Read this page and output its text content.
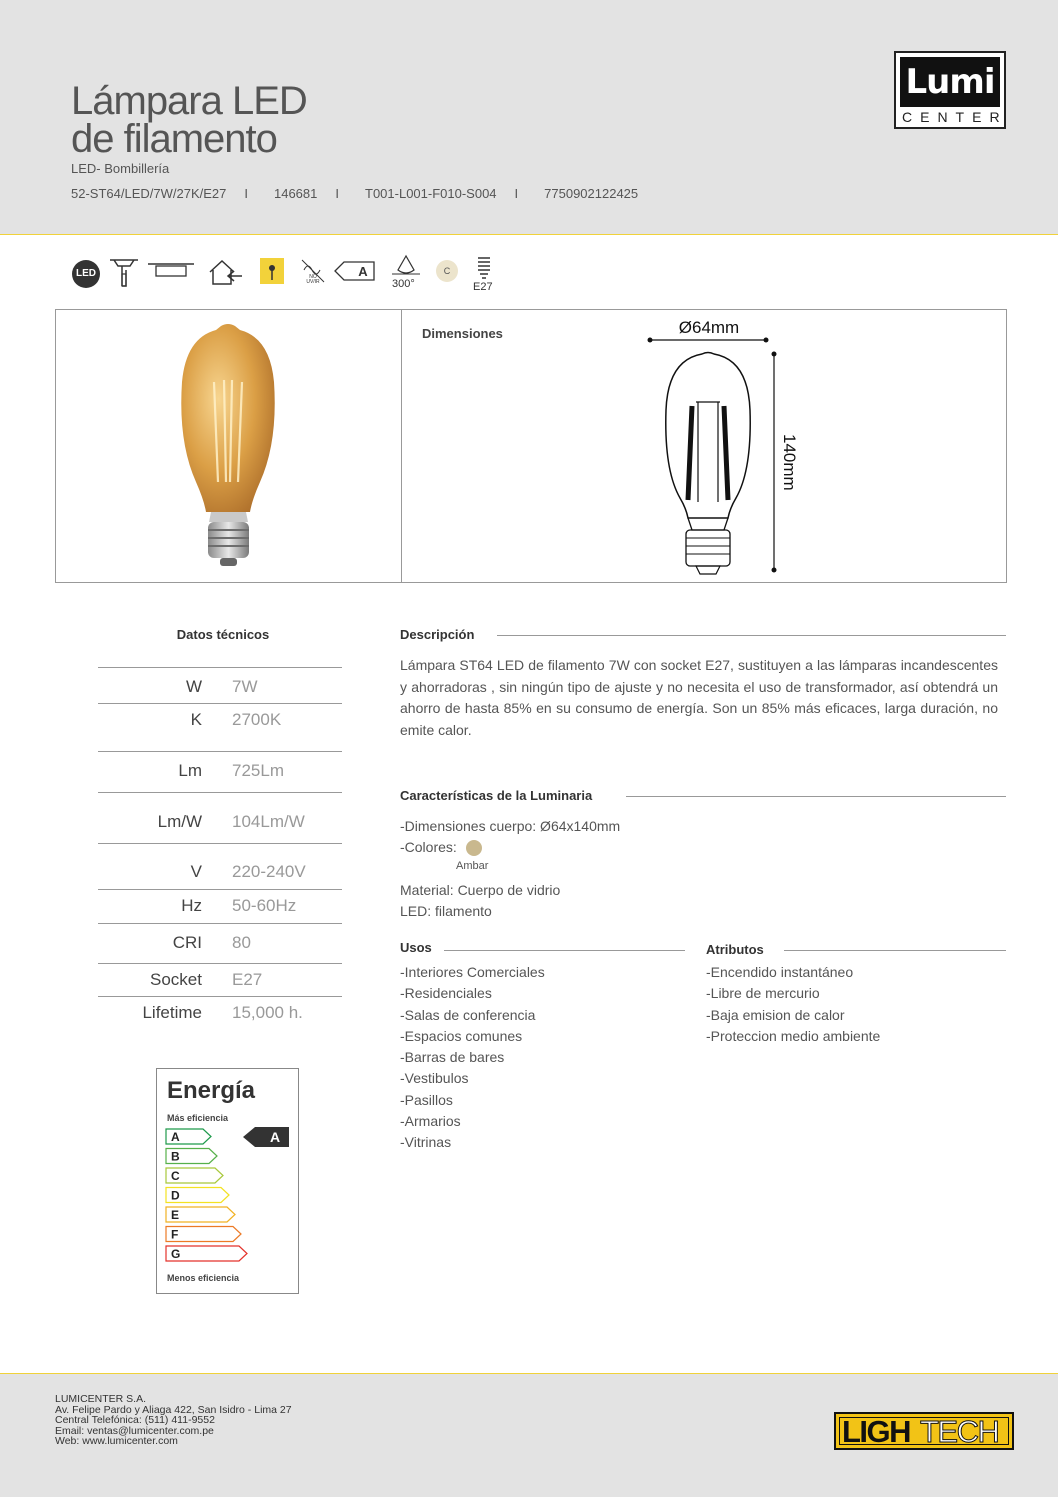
Lámpara LED
de filamento
LED- Bombillería
52-ST64/LED/7W/27K/E27 I 146681 I T001-L001-F010-S004 I 7750902122425
Lumi
CENTER
LED	NO
UV/IR
A
300°
C
E27
Dimensiones	Ø64mm
140mm
Datos técnicos
W 7W
K 2700K
Lm 725Lm
Lm/W 104Lm/W
V 220-240V
Hz 50-60Hz
CRI 80
Socket E27
Lifetime 15,000 h.
Energía
Más eficiencia
A
B
C
D
E
F
G
A
Menos eficiencia
Descripción
Lámpara ST64 LED de filamento 7W con socket E27, sustituyen a las lámparas incandescentes y ahorradoras , sin ningún tipo de ajuste y no necesita el uso de transformador, así obtendrá un ahorro de hasta 85% en su consumo de energía. Son un 85% más eficaces, larga duración, no emite calor.
Características de la Luminaria
-Dimensiones cuerpo: Ø64x140mm
-Colores:
Ambar
Material: Cuerpo de vidrio
LED: filamento
Usos
-Interiores Comerciales
-Residenciales
-Salas de conferencia
-Espacios comunes
-Barras de bares
-Vestibulos
-Pasillos
-Armarios
-Vitrinas
Atributos
-Encendido instantáneo
-Libre de mercurio
-Baja emision de calor
-Proteccion medio ambiente
LUMICENTER S.A.
Av. Felipe Pardo y Aliaga 422, San Isidro - Lima 27
Central Telefónica: (511) 411-9552
Email: ventas@lumicenter.com.pe
Web: www.lumicenter.com	LIGH TECH
